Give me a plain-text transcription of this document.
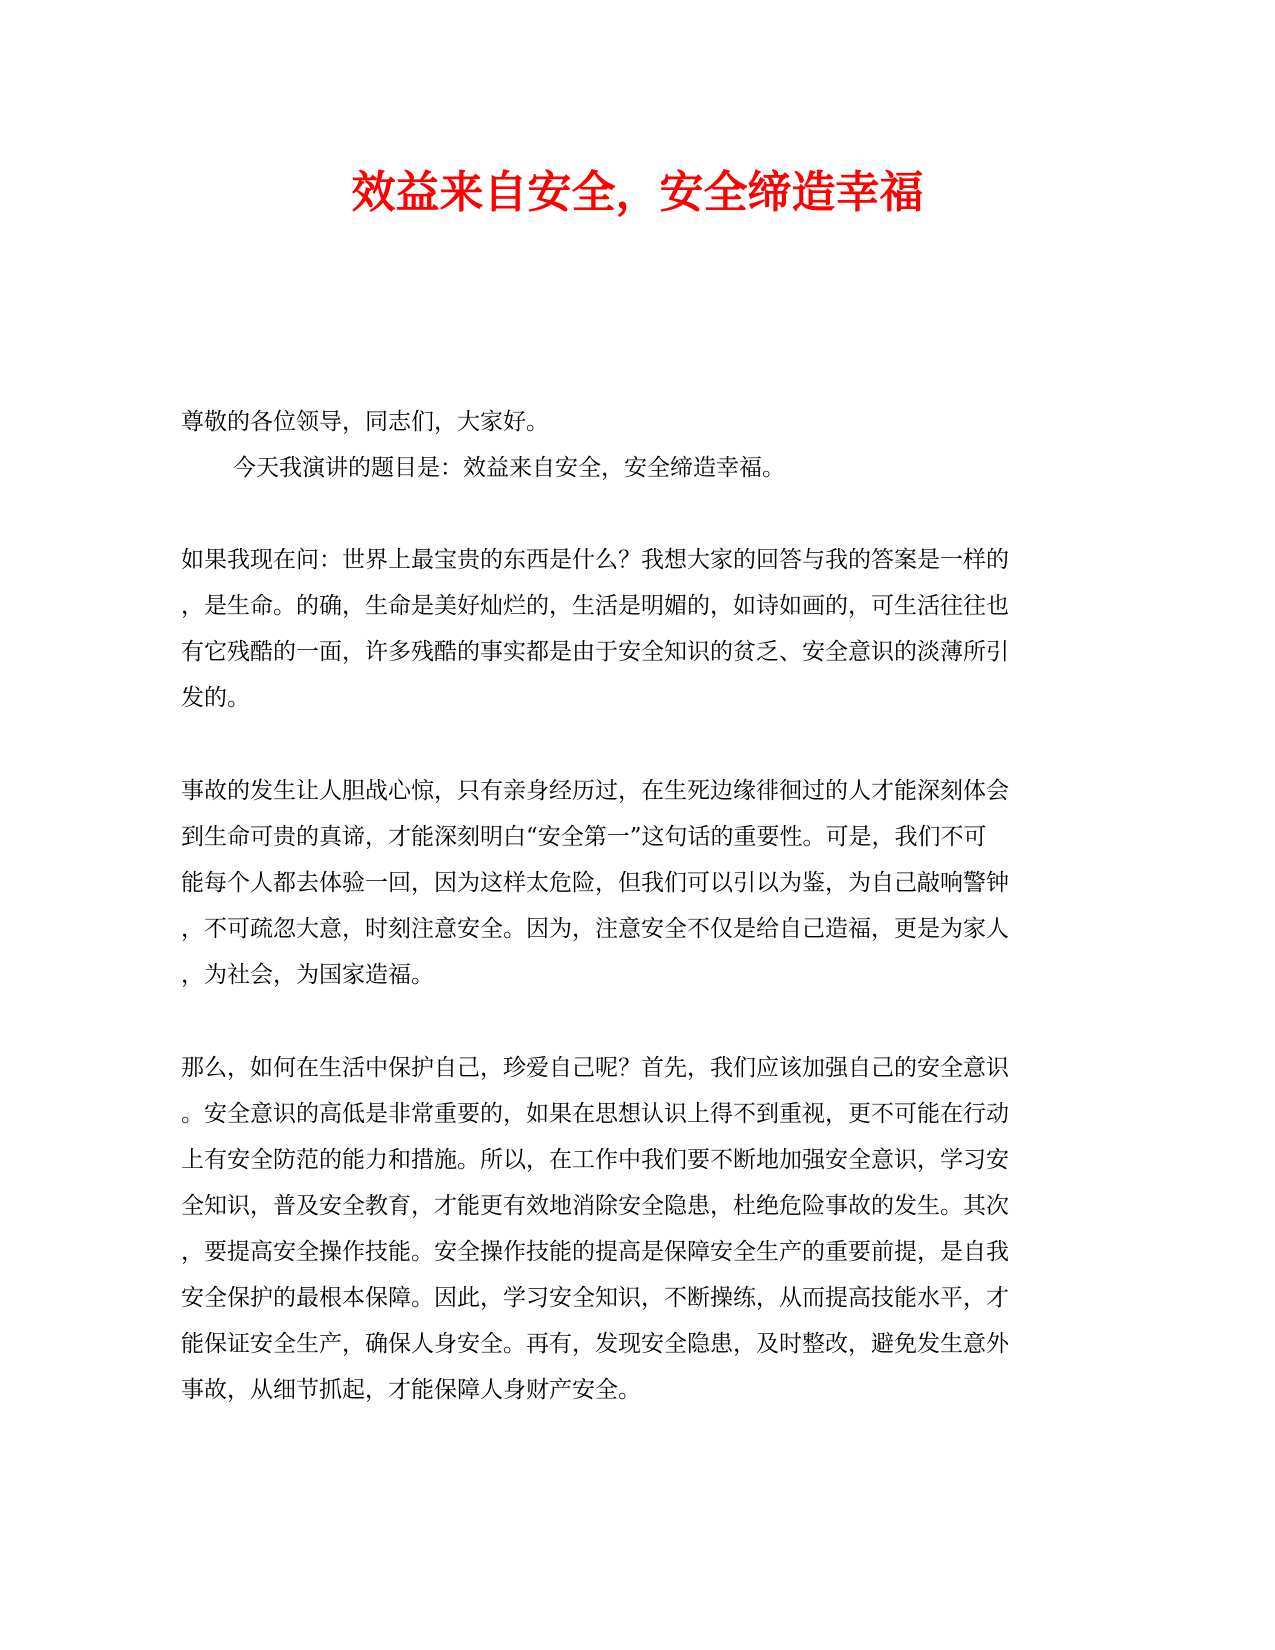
效益来自安全，安全缔造幸福

尊敬的各位领导，同志们，大家好。

今天我演讲的题目是：效益来自安全，安全缔造幸福。

如果我现在问：世界上最宝贵的东西是什么？我想大家的回答与我的答案是一样的

，是生命。的确，生命是美好灿烂的，生活是明媚的，如诗如画的，可生活往往也

有它残酷的一面，许多残酷的事实都是由于安全知识的贫乏、安全意识的淡薄所引

发的。

事故的发生让人胆战心惊，只有亲身经历过，在生死边缘徘徊过的人才能深刻体会

到生命可贵的真谛，才能深刻明白“安全第一”这句话的重要性。可是，我们不可

能每个人都去体验一回，因为这样太危险，但我们可以引以为鉴，为自己敲响警钟

，不可疏忽大意，时刻注意安全。因为，注意安全不仅是给自己造福，更是为家人

，为社会，为国家造福。

那么，如何在生活中保护自己，珍爱自己呢？首先，我们应该加强自己的安全意识

。安全意识的高低是非常重要的，如果在思想认识上得不到重视，更不可能在行动

上有安全防范的能力和措施。所以，在工作中我们要不断地加强安全意识，学习安

全知识，普及安全教育，才能更有效地消除安全隐患，杜绝危险事故的发生。其次

，要提高安全操作技能。安全操作技能的提高是保障安全生产的重要前提，是自我

安全保护的最根本保障。因此，学习安全知识，不断操练，从而提高技能水平，才

能保证安全生产，确保人身安全。再有，发现安全隐患，及时整改，避免发生意外

事故，从细节抓起，才能保障人身财产安全。
